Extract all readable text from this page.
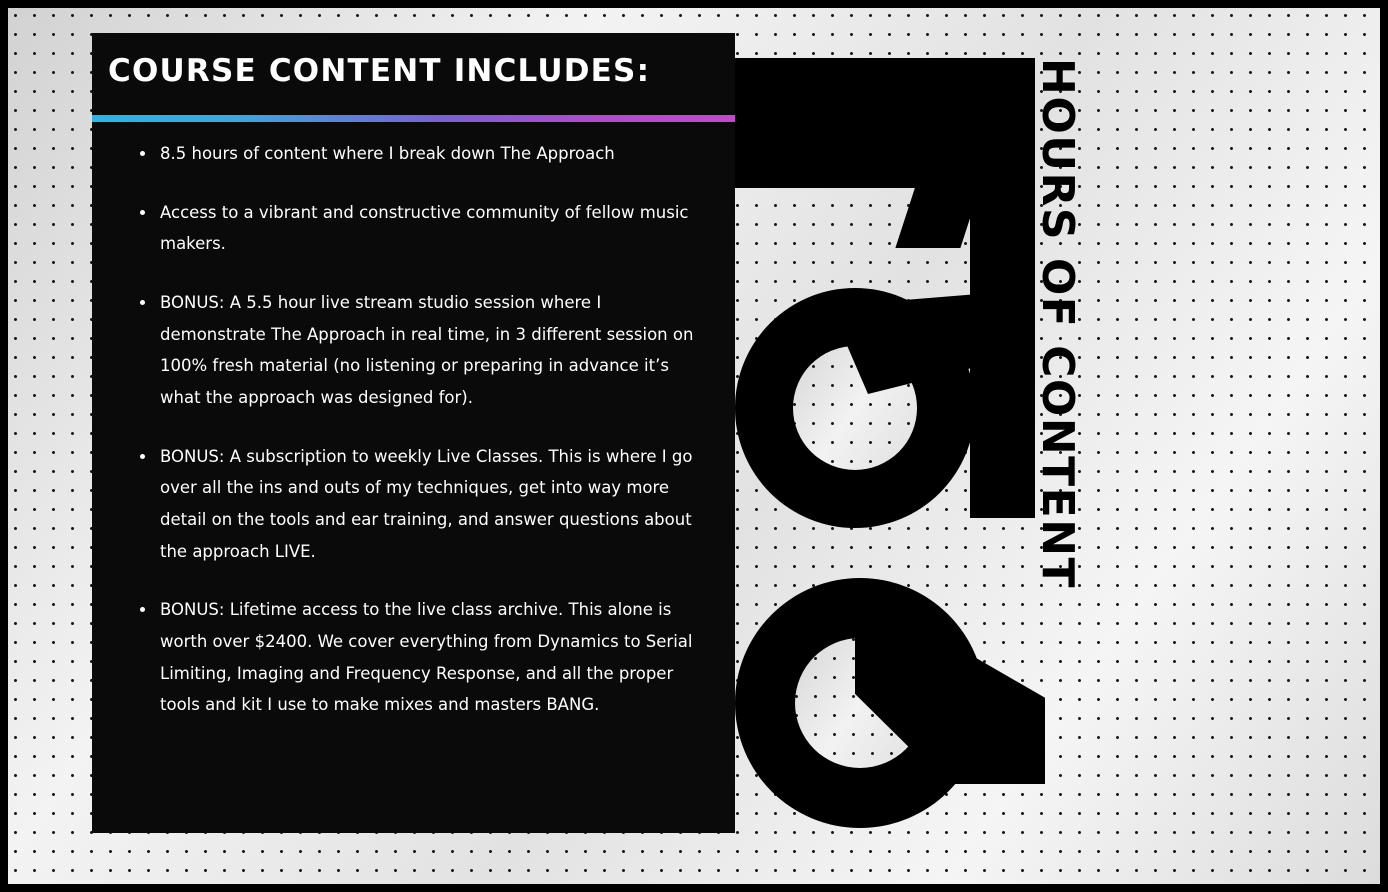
HOURS OF CONTENT
COURSE CONTENT INCLUDES:
8.5 hours of content where I break down The Approach
Access to a vibrant and constructive community of fellow music makers.
BONUS: A 5.5 hour live stream studio session where I demonstrate The Approach in real time, in 3 different session on 100% fresh material (no listening or preparing in advance it’s what the approach was designed for).
BONUS: A subscription to weekly Live Classes. This is where I go over all the ins and outs of my techniques, get into way more detail on the tools and ear training, and answer questions about the approach LIVE.
BONUS: Lifetime access to the live class archive. This alone is worth over $2400. We cover everything from Dynamics to Serial Limiting, Imaging and Frequency Response, and all the proper tools and kit I use to make mixes and masters BANG.
